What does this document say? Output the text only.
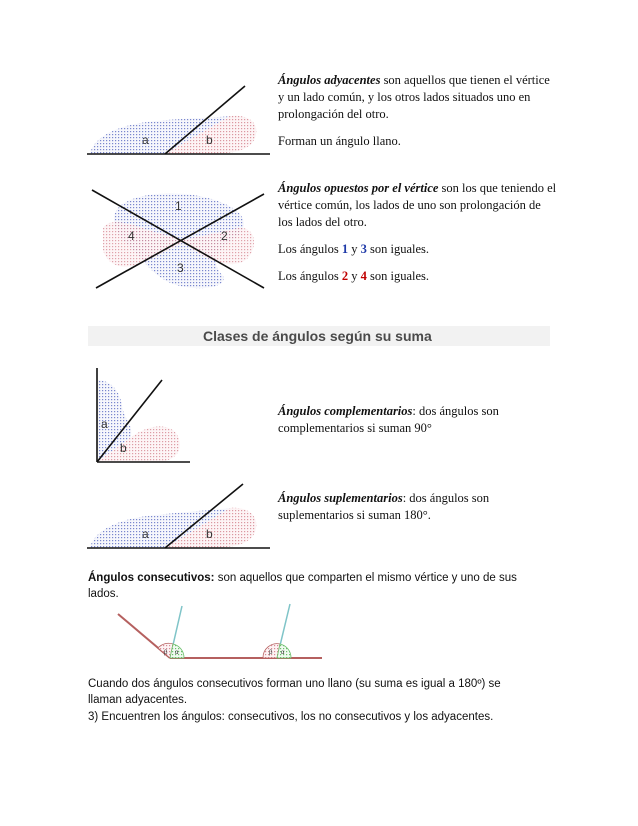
a	b

Ángulos adyacentes son aquellos que tienen el vértice y un lado común, y los otros lados situados uno en prolongación del otro.

Forman un ángulo llano.

1
2
3
4

Ángulos opuestos por el vértice son los que teniendo el vértice común, los lados de uno son prolongación de los lados del otro.

Los ángulos 1 y 3 son iguales.

Los ángulos 2 y 4 son iguales.

Clases de ángulos según su suma
a
b

Ángulos complementarios: dos ángulos son complementarios si suman 90°

a	b

Ángulos suplementarios: dos ángulos son suplementarios si suman 180°.

Ángulos consecutivos: son aquellos que comparten el mismo vértice y uno de sus lados.

β α	β α
Cuando dos ángulos consecutivos forman uno llano (su suma es igual a 180º) se llaman adyacentes.
3) Encuentren los ángulos: consecutivos, los no consecutivos y los adyacentes.
